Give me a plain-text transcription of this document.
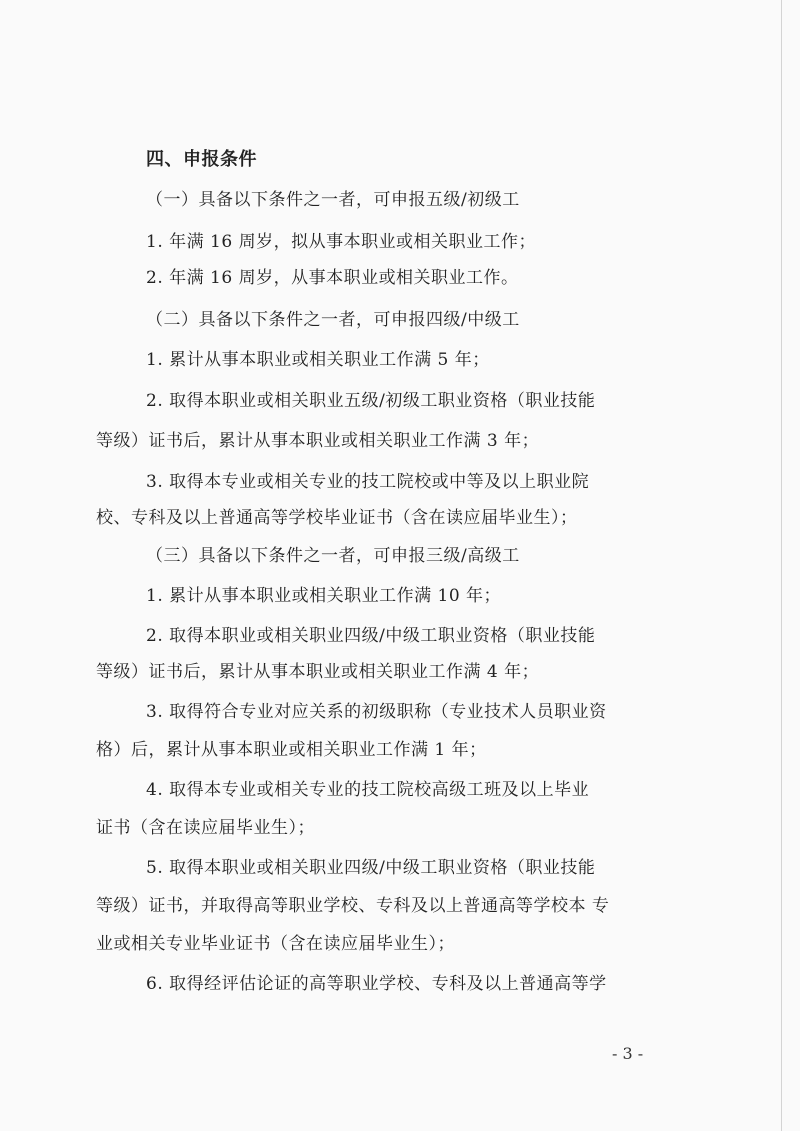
四、申报条件
（一）具备以下条件之一者，可申报五级/初级工
1. 年满 16 周岁，拟从事本职业或相关职业工作；
2. 年满 16 周岁，从事本职业或相关职业工作。
（二）具备以下条件之一者，可申报四级/中级工
1. 累计从事本职业或相关职业工作满 5 年；
2. 取得本职业或相关职业五级/初级工职业资格（职业技能
等级）证书后，累计从事本职业或相关职业工作满 3 年；
3. 取得本专业或相关专业的技工院校或中等及以上职业院
校、专科及以上普通高等学校毕业证书（含在读应届毕业生）；
（三）具备以下条件之一者，可申报三级/高级工
1. 累计从事本职业或相关职业工作满 10 年；
2. 取得本职业或相关职业四级/中级工职业资格（职业技能
等级）证书后，累计从事本职业或相关职业工作满 4 年；
3. 取得符合专业对应关系的初级职称（专业技术人员职业资
格）后，累计从事本职业或相关职业工作满 1 年；
4. 取得本专业或相关专业的技工院校高级工班及以上毕业
证书（含在读应届毕业生）；
5. 取得本职业或相关职业四级/中级工职业资格（职业技能
等级）证书，并取得高等职业学校、专科及以上普通高等学校本 专
业或相关专业毕业证书（含在读应届毕业生）；
6. 取得经评估论证的高等职业学校、专科及以上普通高等学
- 3 -
